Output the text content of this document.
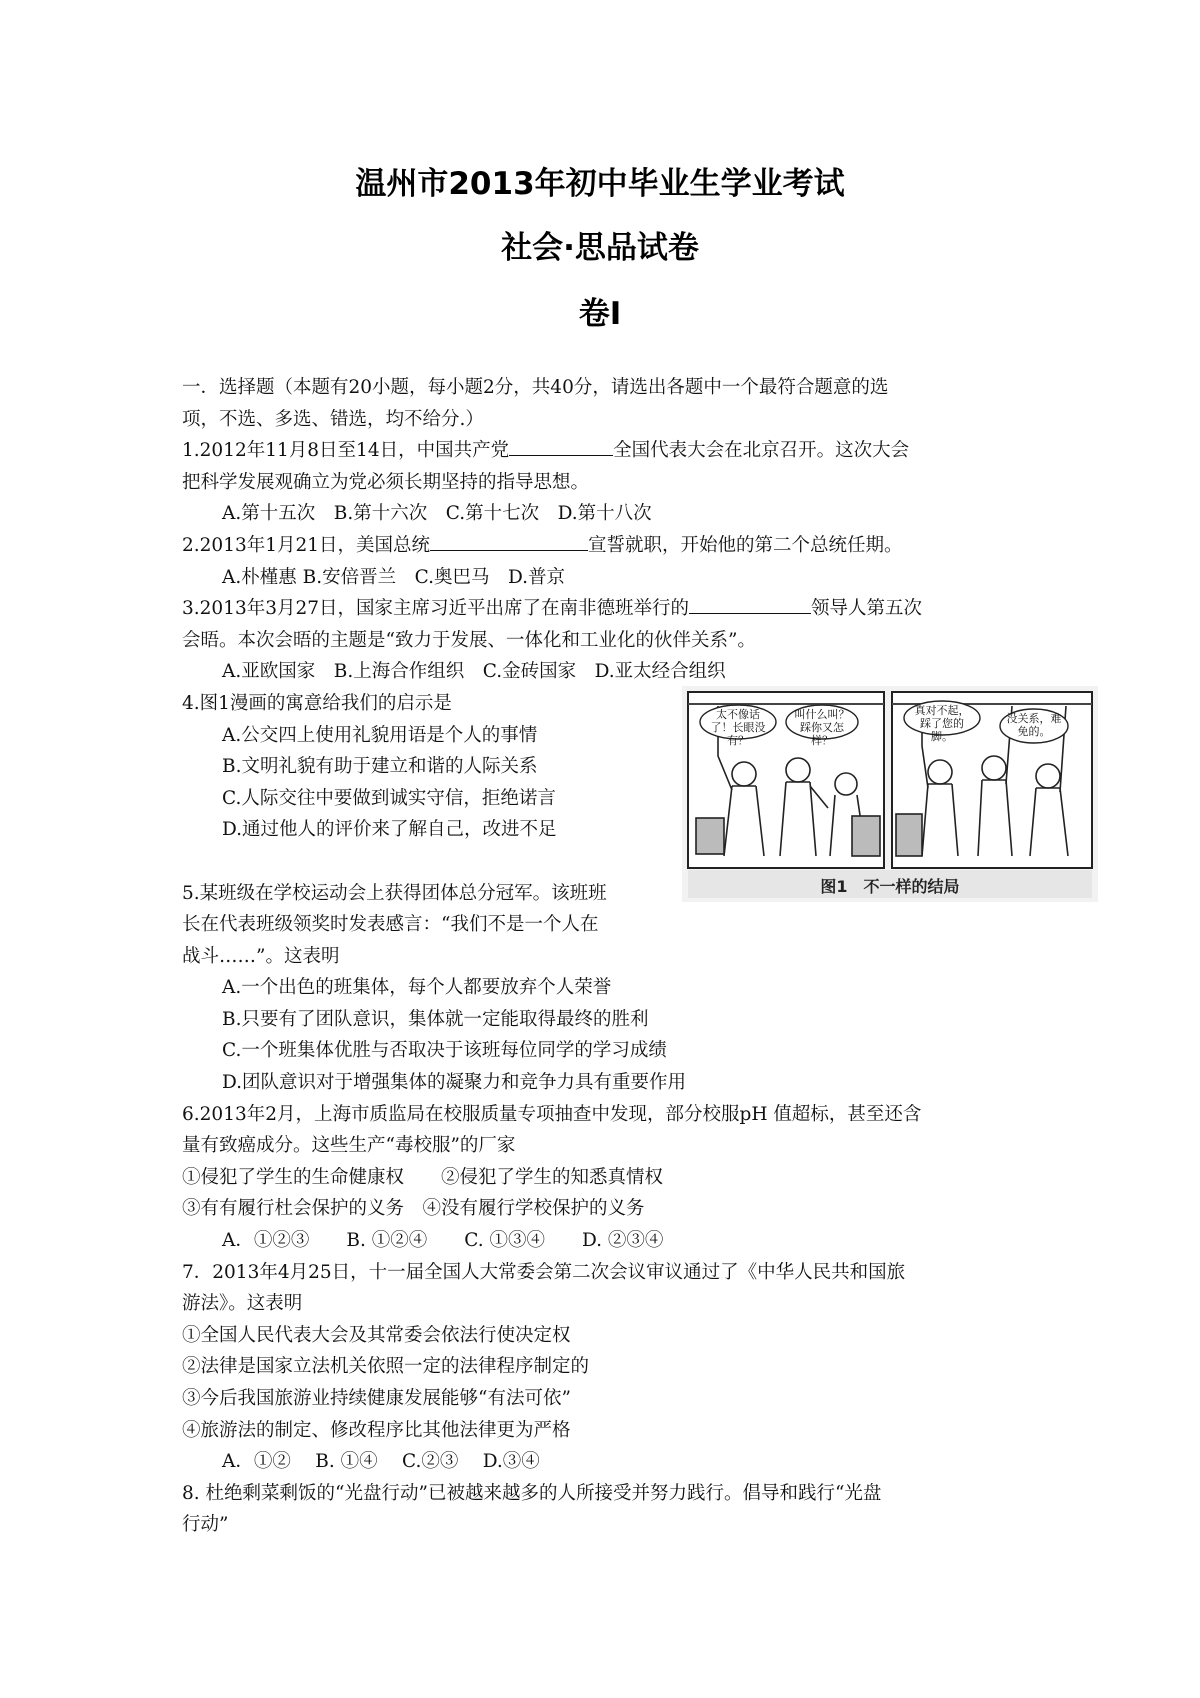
温州市2013年初中毕业生学业考试
社会·思品试卷
卷Ⅰ
一．选择题（本题有20小题，每小题2分，共40分，请选出各题中一个最符合题意的选
项，不选、多选、错选，均不给分.）
1.2012年11月8日至14日，中国共产党	全国代表大会在北京召开。这次大会
把科学发展观确立为党必须长期坚持的指导思想。
A.第十五次　B.第十六次　C.第十七次　D.第十八次
2.2013年1月21日，美国总统	宣誓就职，开始他的第二个总统任期。
A.朴槿惠 B.安倍晋兰　C.奥巴马　D.普京
3.2013年3月27日，国家主席习近平出席了在南非德班举行的	领导人第五次
会晤。本次会晤的主题是“致力于发展、一体化和工业化的伙伴关系”。
A.亚欧国家　B.上海合作组织　C.金砖国家　D.亚太经合组织
4.图1漫画的寓意给我们的启示是
A.公交四上使用礼貌用语是个人的事情
B.文明礼貌有助于建立和谐的人际关系
C.人际交往中要做到诚实守信，拒绝诺言
D.通过他人的评价来了解自己，改进不足
5.某班级在学校运动会上获得团体总分冠军。该班班
长在代表班级领奖时发表感言：“我们不是一个人在
战斗……”。这表明
A.一个出色的班集体，每个人都要放弃个人荣誉
B.只要有了团队意识，集体就一定能取得最终的胜利
C.一个班集体优胜与否取决于该班每位同学的学习成绩
D.团队意识对于增强集体的凝聚力和竞争力具有重要作用
6.2013年2月，上海市质监局在校服质量专项抽查中发现，部分校服pH 值超标，甚至还含
量有致癌成分。这些生产“毒校服”的厂家
①侵犯了学生的生命健康权　　②侵犯了学生的知悉真情权
③有有履行杜会保护的义务　④没有履行学校保护的义务
A．①②③　　B. ①②④　　C. ①③④　　D. ②③④
7．2013年4月25日，十一届全国人大常委会第二次会议审议通过了《中华人民共和国旅
游法》。这表明
①全国人民代表大会及其常委会依法行使决定权
②法律是国家立法机关依照一定的法律程序制定的
③今后我国旅游业持续健康发展能够“有法可依”
④旅游法的制定、修改程序比其他法律更为严格
A．①②　 B. ①④　 C.②③　 D.③④
8. 杜绝剩菜剩饭的“光盘行动”已被越来越多的人所接受并努力践行。倡导和践行“光盘
行动”
太不像话了！长眼没有？
叫什么叫？踩你又怎样？
真对不起，踩了您的脚。
没关系，难免的。
图1　不一样的结局
